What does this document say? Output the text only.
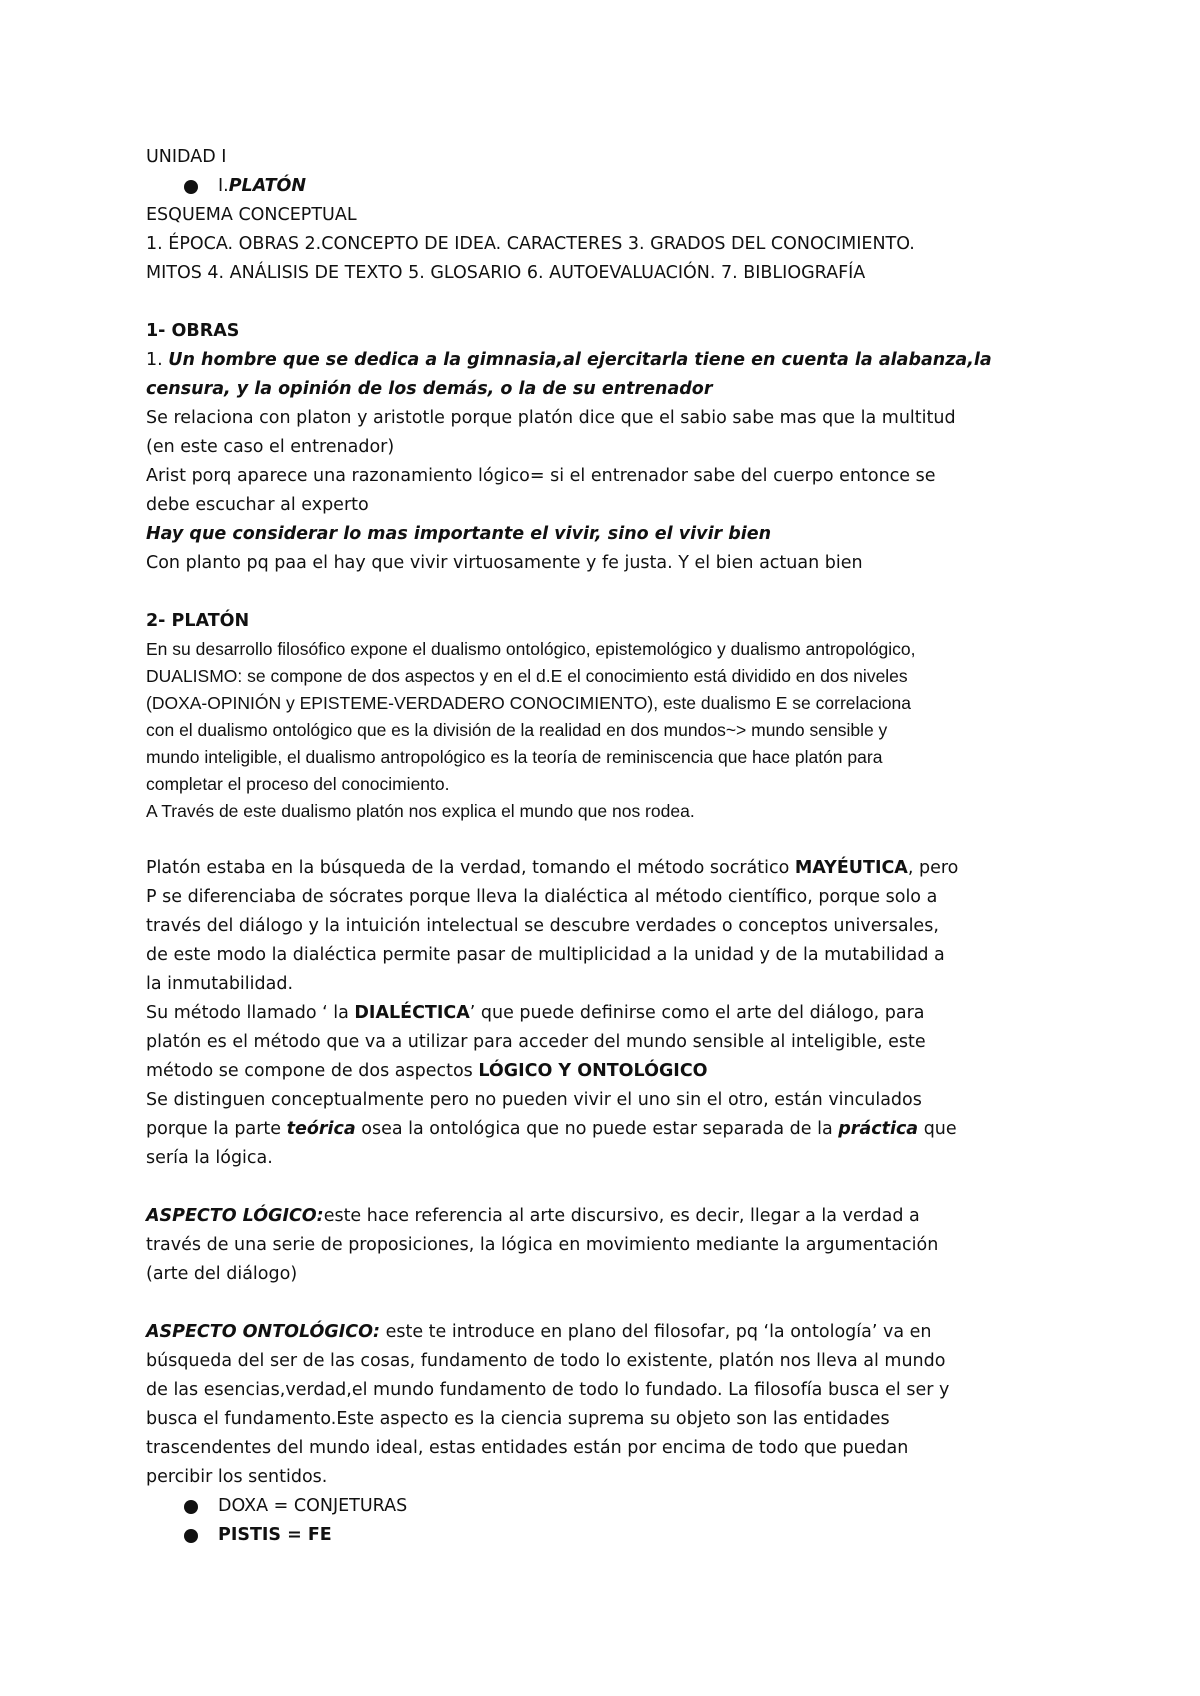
UNIDAD I
I. PLATÓN
ESQUEMA CONCEPTUAL
1. ÉPOCA. OBRAS 2.CONCEPTO DE IDEA. CARACTERES 3. GRADOS DEL CONOCIMIENTO.
MITOS 4. ANÁLISIS DE TEXTO 5. GLOSARIO 6. AUTOEVALUACIÓN. 7. BIBLIOGRAFÍA
1- OBRAS
1. Un hombre que se dedica a la gimnasia,al ejercitarla tiene en cuenta la alabanza,la
censura, y la opinión de los demás, o la de su entrenador
Se relaciona con platon y aristotle porque platón dice que el sabio sabe mas que la multitud
(en este caso el entrenador)
Arist porq aparece una razonamiento lógico= si el entrenador sabe del cuerpo entonce se
debe escuchar al experto
Hay que considerar lo mas importante el vivir, sino el vivir bien
Con planto pq paa el hay que vivir virtuosamente y fe justa. Y el bien actuan bien
2- PLATÓN
En su desarrollo filosófico expone el dualismo ontológico, epistemológico y dualismo antropológico,
DUALISMO: se compone de dos aspectos y en el d.E el conocimiento está dividido en dos niveles
(DOXA-OPINIÓN y EPISTEME-VERDADERO CONOCIMIENTO), este dualismo E se correlaciona
con el dualismo ontológico que es la división de la realidad en dos mundos~> mundo sensible y
mundo inteligible, el dualismo antropológico es la teoría de reminiscencia que hace platón para
completar el proceso del conocimiento.
A Través de este dualismo platón nos explica el mundo que nos rodea.
Platón estaba en la búsqueda de la verdad, tomando el método socrático MAYÉUTICA, pero
P se diferenciaba de sócrates porque lleva la dialéctica al método científico, porque solo a
través del diálogo y la intuición intelectual se descubre verdades o conceptos universales,
de este modo la dialéctica permite pasar de multiplicidad a la unidad y de la mutabilidad a
la inmutabilidad.
Su método llamado ‘ la DIALÉCTICA’ que puede definirse como el arte del diálogo, para
platón es el método que va a utilizar para acceder del mundo sensible al inteligible, este
método se compone de dos aspectos LÓGICO Y ONTOLÓGICO
Se distinguen conceptualmente pero no pueden vivir el uno sin el otro, están vinculados
porque la parte teórica osea la ontológica que no puede estar separada de la práctica que
sería la lógica.
ASPECTO LÓGICO:este hace referencia al arte discursivo, es decir, llegar a la verdad a
través de una serie de proposiciones, la lógica en movimiento mediante la argumentación
(arte del diálogo)
ASPECTO ONTOLÓGICO: este te introduce en plano del filosofar, pq ‘la ontología’ va en
búsqueda del ser de las cosas, fundamento de todo lo existente, platón nos lleva al mundo
de las esencias,verdad,el mundo fundamento de todo lo fundado. La filosofía busca el ser y
busca el fundamento.Este aspecto es la ciencia suprema su objeto son las entidades
trascendentes del mundo ideal, estas entidades están por encima de todo que puedan
percibir los sentidos.
DOXA = CONJETURAS
PISTIS = FE
